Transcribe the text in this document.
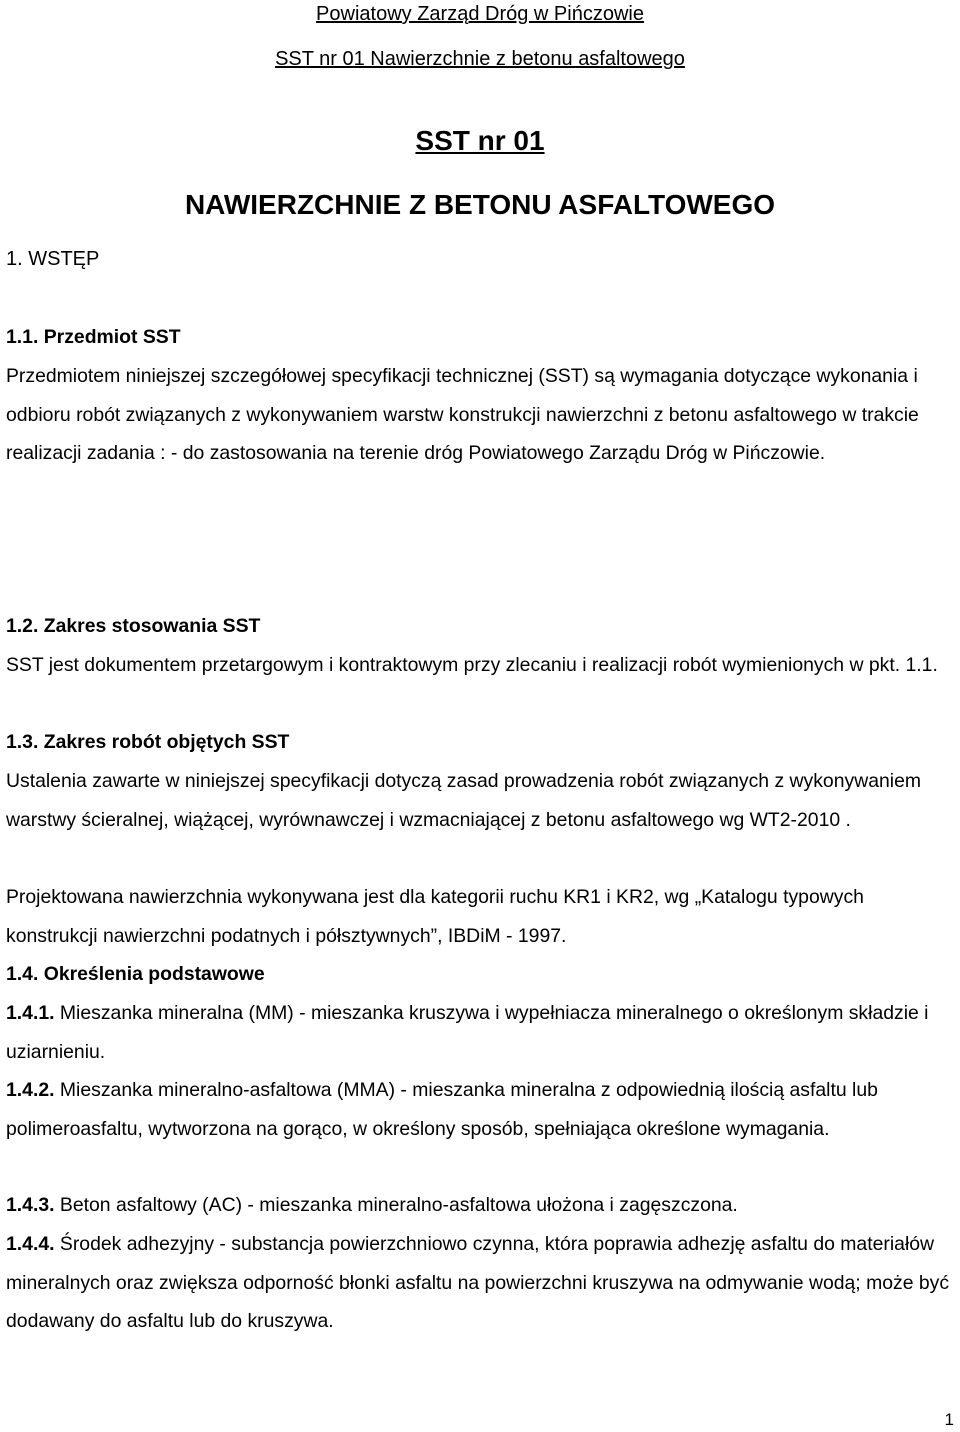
Powiatowy Zarząd Dróg w Pińczowie

SST nr 01 Nawierzchnie z betonu asfaltowego

SST nr 01

NAWIERZCHNIE Z BETONU ASFALTOWEGO

1. WSTĘP

1.1. Przedmiot SST

Przedmiotem niniejszej szczegółowej specyfikacji technicznej (SST) są wymagania dotyczące wykonania i odbioru robót związanych z wykonywaniem warstw konstrukcji nawierzchni z betonu asfaltowego w trakcie realizacji zadania : - do zastosowania na terenie dróg Powiatowego Zarządu Dróg w Pińczowie.

1.2. Zakres stosowania SST

SST jest dokumentem przetargowym i kontraktowym przy zlecaniu i realizacji robót wymienionych w pkt. 1.1.

1.3. Zakres robót objętych SST

Ustalenia zawarte w niniejszej specyfikacji dotyczą zasad prowadzenia robót związanych z wykonywaniem warstwy ścieralnej, wiążącej, wyrównawczej i wzmacniającej z betonu asfaltowego wg WT2-2010 .

Projektowana nawierzchnia wykonywana jest dla kategorii ruchu KR1 i KR2, wg „Katalogu typowych konstrukcji nawierzchni podatnych i półsztywnych”, IBDiM - 1997.

1.4. Określenia podstawowe

1.4.1. Mieszanka mineralna (MM) - mieszanka kruszywa i wypełniacza mineralnego o określonym składzie i uziarnieniu.

1.4.2. Mieszanka mineralno-asfaltowa (MMA) - mieszanka mineralna z odpowiednią ilością asfaltu lub polimeroasfaltu, wytworzona na gorąco, w określony sposób, spełniająca określone wymagania.

1.4.3. Beton asfaltowy (AC) - mieszanka mineralno-asfaltowa ułożona i zagęszczona.

1.4.4. Środek adhezyjny - substancja powierzchniowo czynna, która poprawia adhezję asfaltu do materiałów mineralnych oraz zwiększa odporność błonki asfaltu na powierzchni kruszywa na odmywanie wodą; może być dodawany do asfaltu lub do kruszywa.

1
